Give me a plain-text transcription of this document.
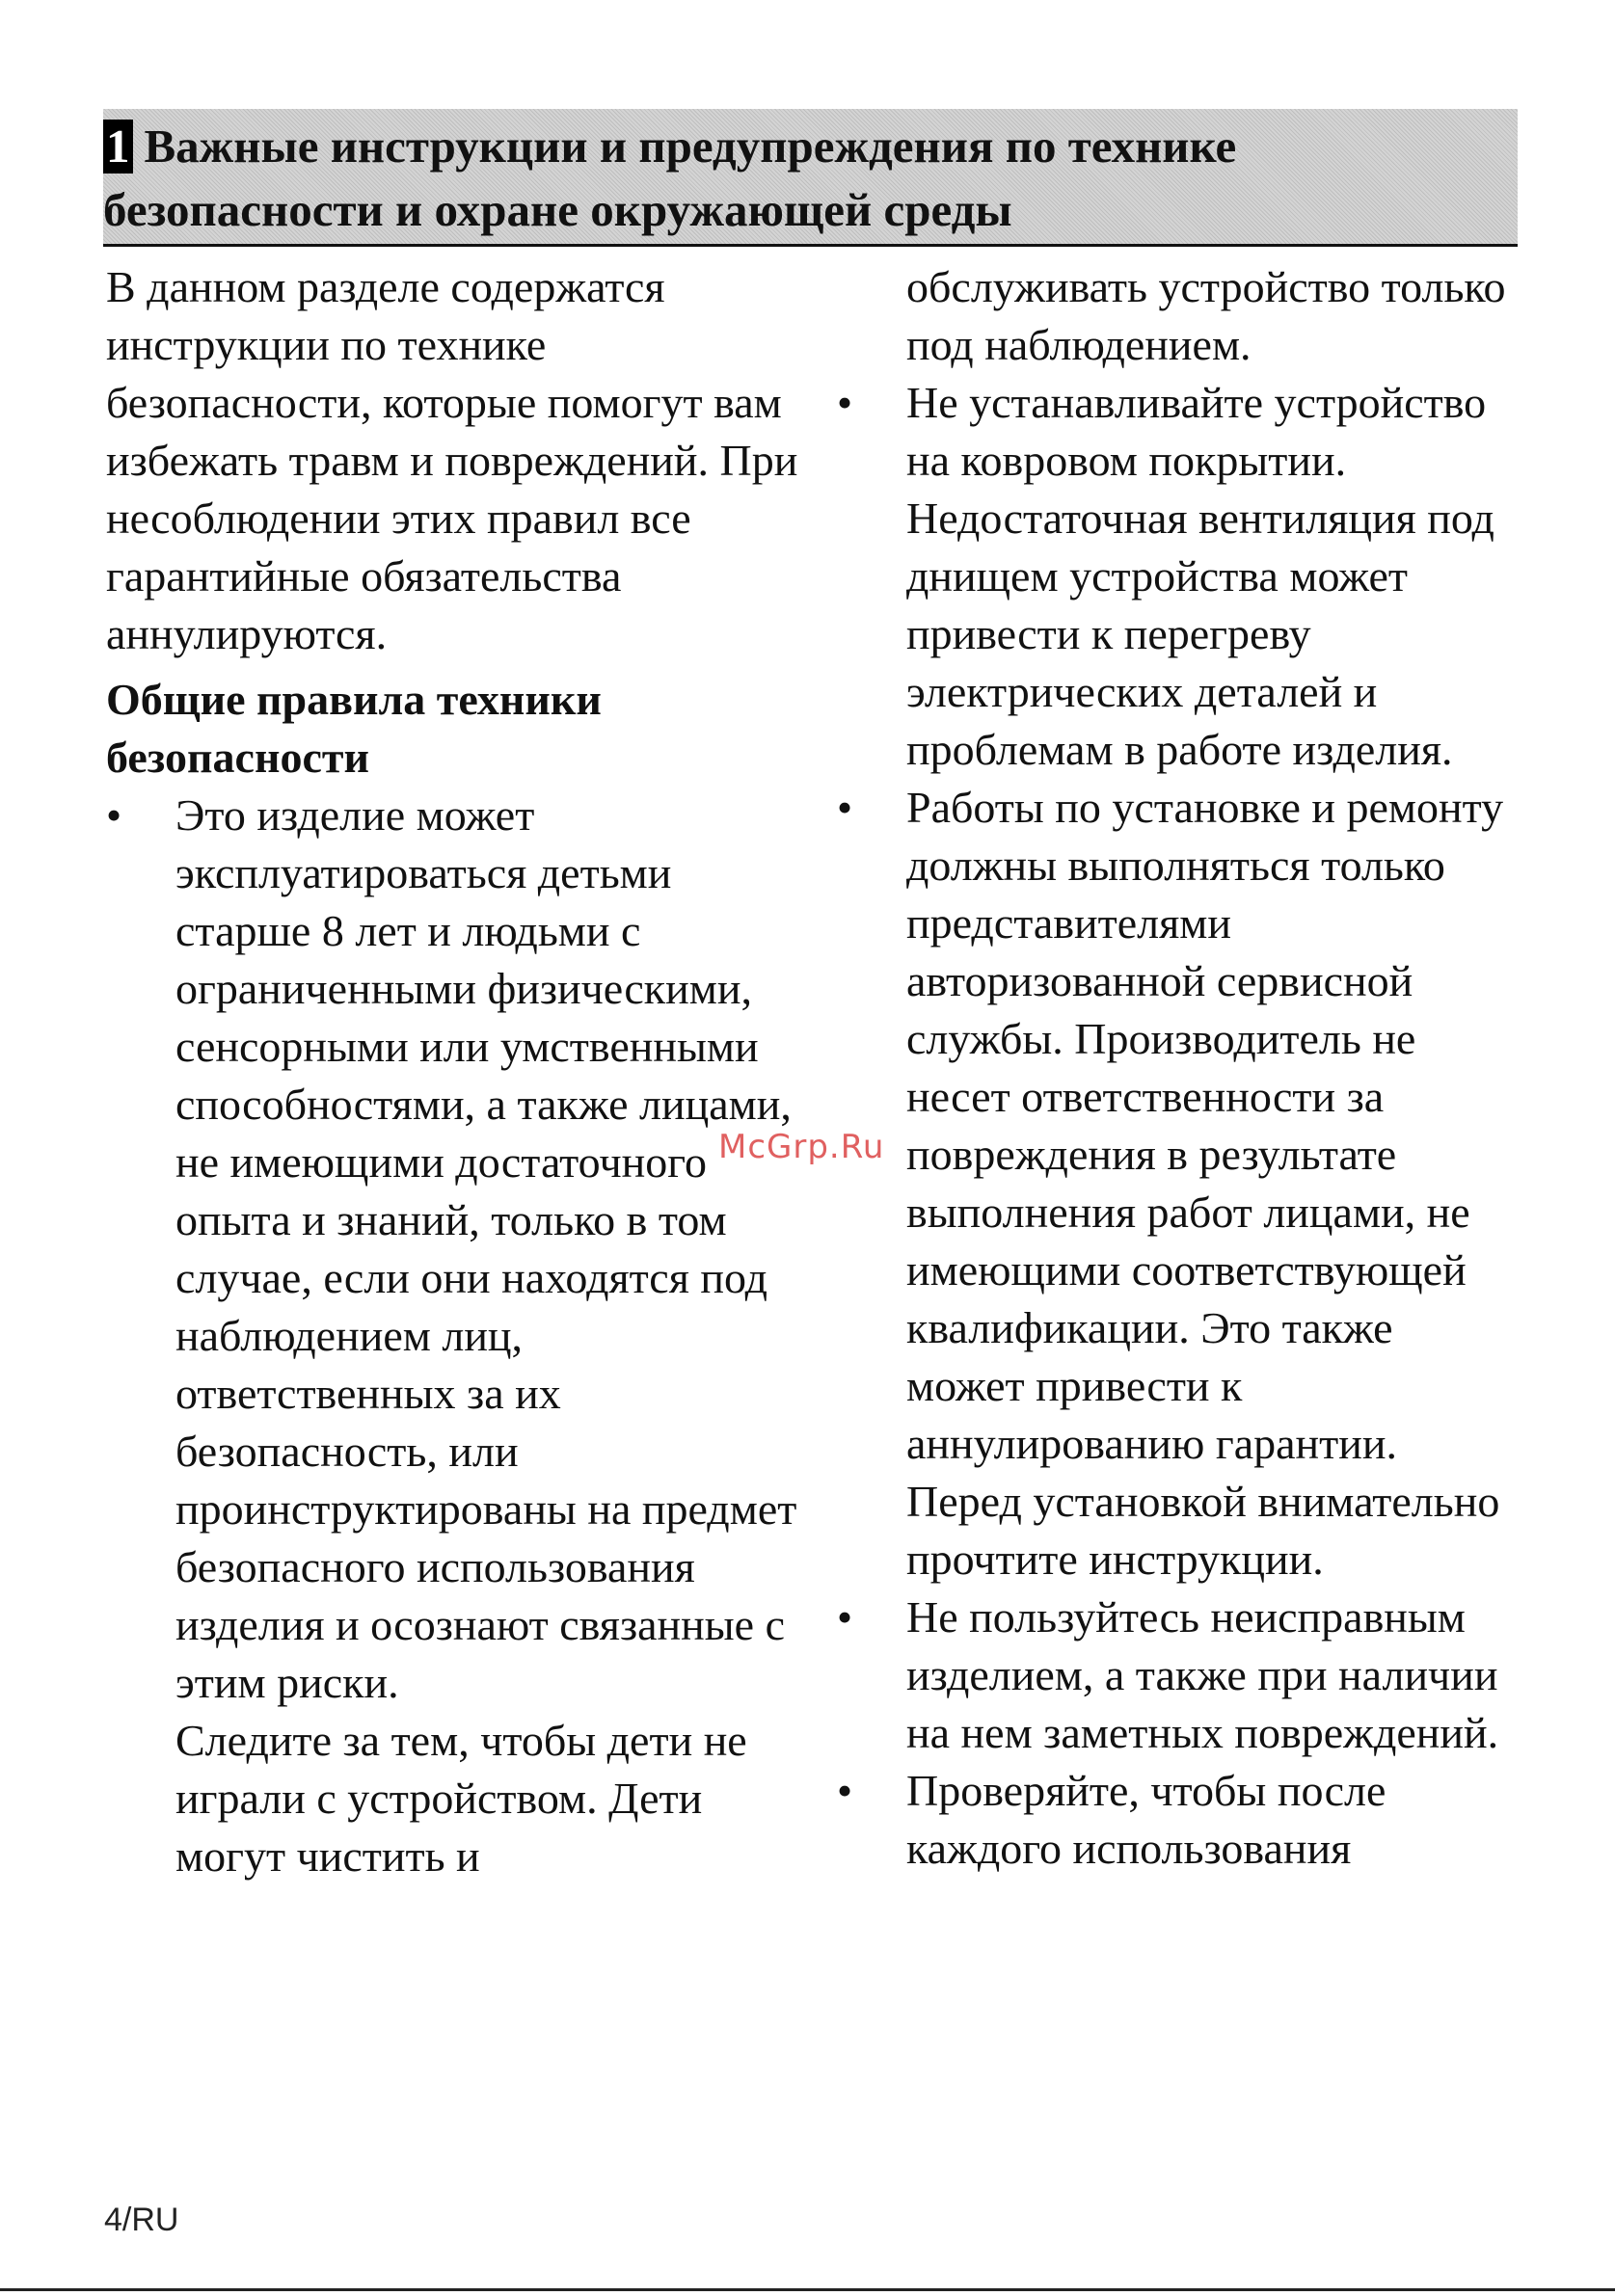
1 Важные инструкции и предупреждения по технике безопасности и охране окружающей среды

В данном разделе содержатся инструкции по технике безопасности, которые помогут вам избежать травм и повреждений. При несоблюдении этих правил все гарантийные обязательства аннулируются.

Общие правила техники безопасности

•	Это изделие может эксплуатироваться детьми старше 8 лет и людьми с ограниченными физическими, сенсорными или умственными способностями, а также лицами, не имеющими достаточного опыта и знаний, только в том случае, если они находятся под наблюдением лиц, ответственных за их безопасность, или проинструктированы на предмет безопасного использования изделия и осознают связанные с этим риски.

Следите за тем, чтобы дети не играли с устройством. Дети могут чистить и

обслуживать устройство только под наблюдением.

•	Не устанавливайте устройство на ковровом покрытии. Недостаточная вентиляция под днищем устройства может привести к перегреву электрических деталей и проблемам в работе изделия.

•	Работы по установке и ремонту должны выполняться только представителями авторизованной сервисной службы. Производитель не несет ответственности за повреждения в результате выполнения работ лицами, не имеющими соответствующей квалификации. Это также может привести к аннулированию гарантии.

Перед установкой внимательно прочтите инструкции.

•	Не пользуйтесь неисправным изделием, а также при наличии на нем заметных повреждений.

•	Проверяйте, чтобы после каждого использования

McGrp.Ru
4/RU
